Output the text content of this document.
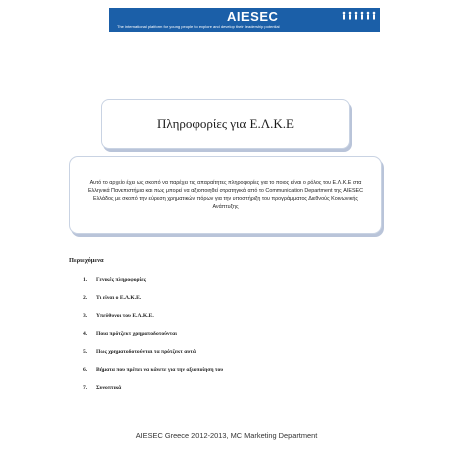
AIESEC
The international platform for young people to explore and develop their leadership potential
Πληροφορίες για Ε.Λ.Κ.Ε
Αυτό το αρχείο έχει ως σκοπό να παρέχει τις απαραίτητες πληροφορίες για το ποιος είναι ο ρόλος του Ε.Λ.Κ.Ε στα Ελληνικά Πανεπιστήμια και πως μπορεί να αξιοποιηθεί στρατηγικά από το Communication Department της AIESEC Ελλάδος με σκοπό την εύρεση χρηματικών πόρων για την υποστήριξη του προγράμματος Διεθνούς Κοινωνικής Ανάπτυξης
Περιεχόμενα
1. Γενικές πληροφορίες
2. Τι είναι ο Ε.Λ.Κ.Ε.
3. Υπεύθυνοι του Ε.Λ.Κ.Ε.
4. Ποια πρότζεκτ χρηματοδοτούνται
5. Πως χρηματοδοτούνται τα πρότζεκτ αυτά
6. Βήματα που πρέπει να κάνετε για την αξιοποίηση του
7. Συνοπτικά
AIESEC Greece 2012-2013, MC Marketing Department
